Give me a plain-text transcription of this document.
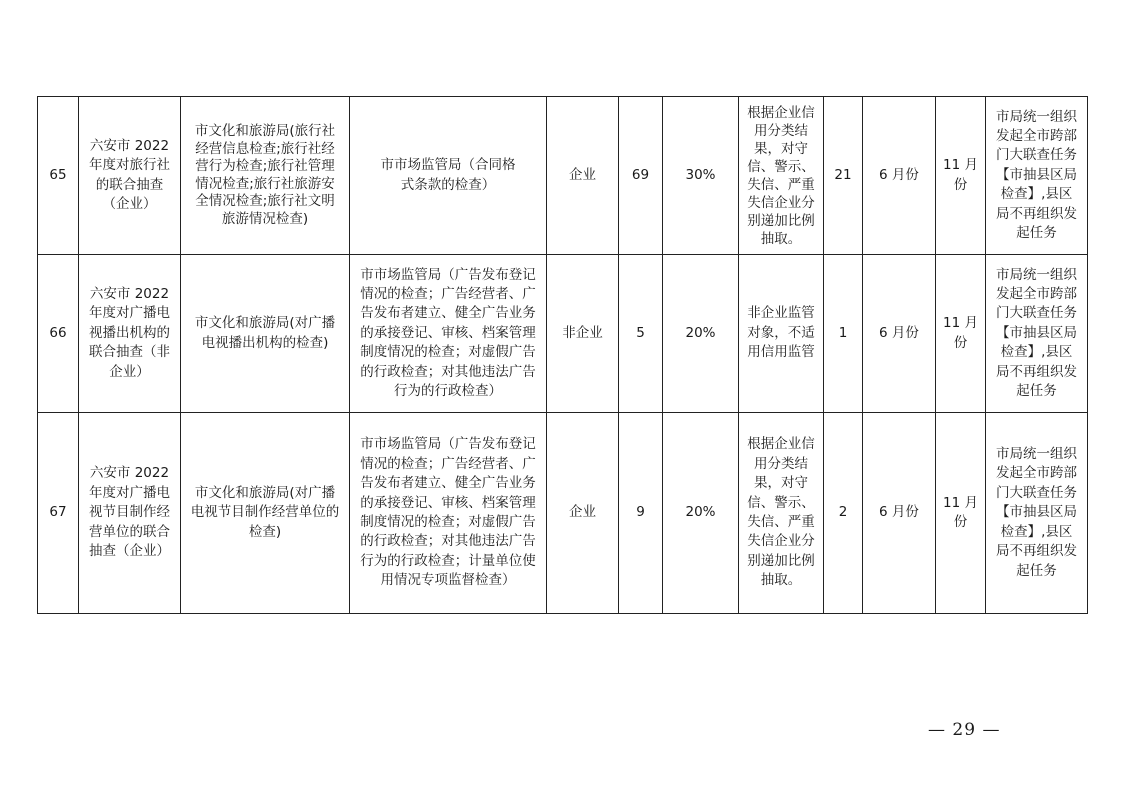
65	六安市 2022 年度对旅行社的联合抽查（企业）	市文化和旅游局(旅行社经营信息检查;旅行社经营行为检查;旅行社管理情况检查;旅行社旅游安全情况检查;旅行社文明旅游情况检查)	市市场监管局（合同格式条款的检查）	企业	69	30%	根据企业信用分类结果，对守信、警示、失信、严重失信企业分别递加比例抽取。	21	6 月份	11 月份	市局统一组织发起全市跨部门大联查任务【市抽县区局检查】,县区局不再组织发起任务
66	六安市 2022 年度对广播电视播出机构的联合抽查（非企业）	市文化和旅游局(对广播电视播出机构的检查)	市市场监管局（广告发布登记情况的检查；广告经营者、广告发布者建立、健全广告业务的承接登记、审核、档案管理制度情况的检查；对虚假广告的行政检查；对其他违法广告行为的行政检查）	非企业	5	20%	非企业监管对象，不适用信用监管	1	6 月份	11 月份	市局统一组织发起全市跨部门大联查任务【市抽县区局检查】,县区局不再组织发起任务
67	六安市 2022 年度对广播电视节目制作经营单位的联合抽查（企业）	市文化和旅游局(对广播电视节目制作经营单位的检查)	市市场监管局（广告发布登记情况的检查；广告经营者、广告发布者建立、健全广告业务的承接登记、审核、档案管理制度情况的检查；对虚假广告的行政检查；对其他违法广告行为的行政检查；计量单位使用情况专项监督检查）	企业	9	20%	根据企业信用分类结果，对守信、警示、失信、严重失信企业分别递加比例抽取。	2	6 月份	11 月份	市局统一组织发起全市跨部门大联查任务【市抽县区局检查】,县区局不再组织发起任务
— 29 —
